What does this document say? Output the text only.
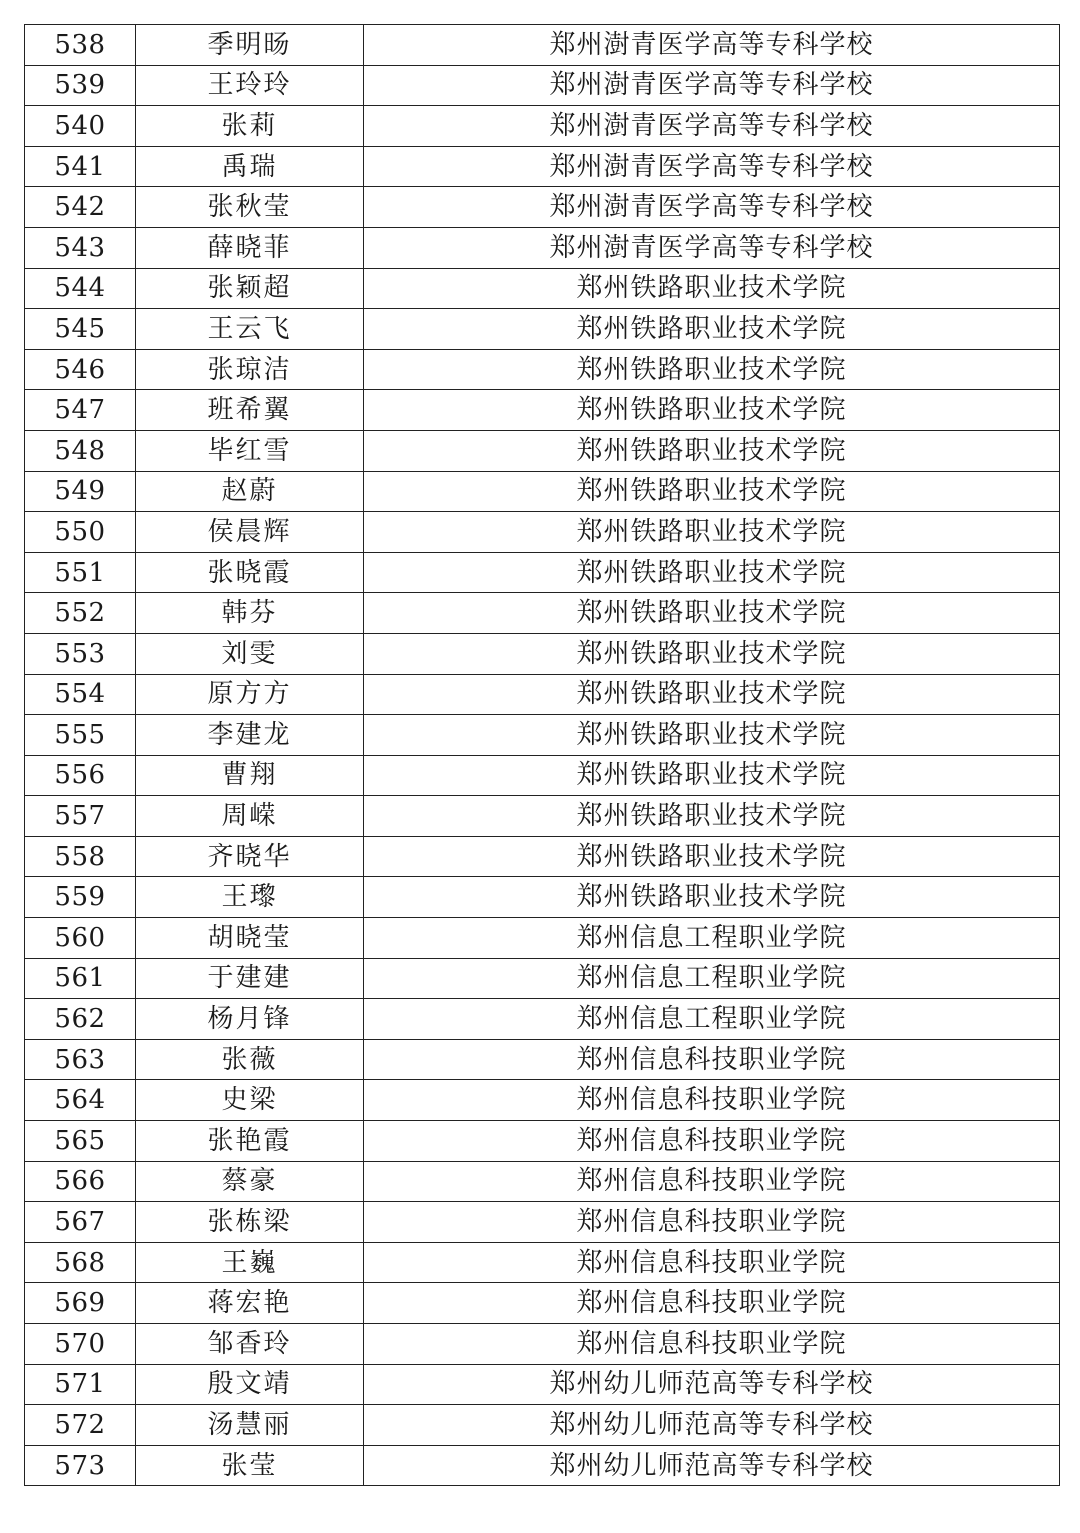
538	季明旸	郑州澍青医学高等专科学校
539	王玲玲	郑州澍青医学高等专科学校
540	张莉	郑州澍青医学高等专科学校
541	禹瑞	郑州澍青医学高等专科学校
542	张秋莹	郑州澍青医学高等专科学校
543	薛晓菲	郑州澍青医学高等专科学校
544	张颖超	郑州铁路职业技术学院
545	王云飞	郑州铁路职业技术学院
546	张琼洁	郑州铁路职业技术学院
547	班希翼	郑州铁路职业技术学院
548	毕红雪	郑州铁路职业技术学院
549	赵蔚	郑州铁路职业技术学院
550	侯晨辉	郑州铁路职业技术学院
551	张晓霞	郑州铁路职业技术学院
552	韩芬	郑州铁路职业技术学院
553	刘雯	郑州铁路职业技术学院
554	原方方	郑州铁路职业技术学院
555	李建龙	郑州铁路职业技术学院
556	曹翔	郑州铁路职业技术学院
557	周嵘	郑州铁路职业技术学院
558	齐晓华	郑州铁路职业技术学院
559	王瓈	郑州铁路职业技术学院
560	胡晓莹	郑州信息工程职业学院
561	于建建	郑州信息工程职业学院
562	杨月锋	郑州信息工程职业学院
563	张薇	郑州信息科技职业学院
564	史梁	郑州信息科技职业学院
565	张艳霞	郑州信息科技职业学院
566	蔡豪	郑州信息科技职业学院
567	张栋梁	郑州信息科技职业学院
568	王巍	郑州信息科技职业学院
569	蒋宏艳	郑州信息科技职业学院
570	邹香玲	郑州信息科技职业学院
571	殷文靖	郑州幼儿师范高等专科学校
572	汤慧丽	郑州幼儿师范高等专科学校
573	张莹	郑州幼儿师范高等专科学校
